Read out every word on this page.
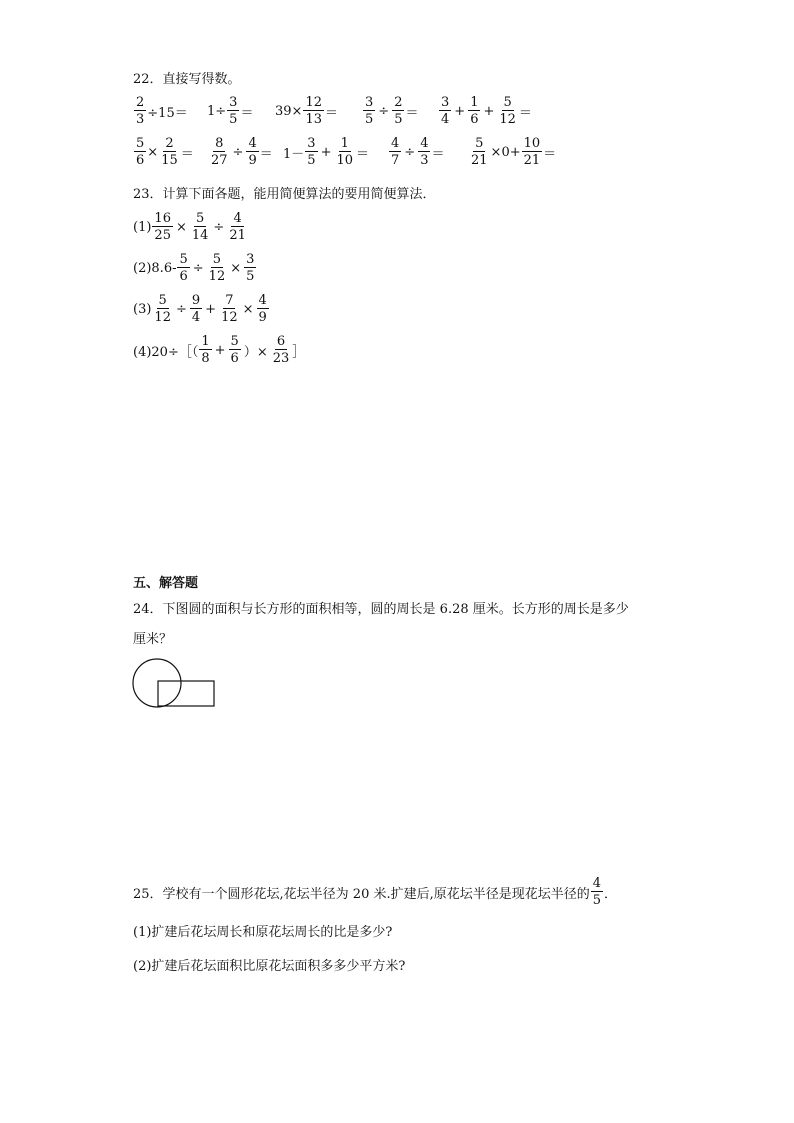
22．直接写得数。
$\frac{2}{3} \div 15= 1\div \frac{3}{5} = 39\times \frac{12}{13} = \frac{3}{5} \div \frac{2}{5} = \frac{3}{4} + \frac{1}{6} + \frac{5}{12}$ ＝
$\frac{5}{6} \times \frac{2}{15} = \frac{8}{27} \div \frac{4}{9} = 1- \frac{3}{5} + \frac{1}{10} = \frac{4}{7} \div \frac{4}{3} = \frac{5}{21} \times 0+ \frac{10}{21}$ ＝
23．计算下面各题，能用简便算法的要用简便算法．
$(1) \frac{16}{25} \times \frac{5}{14} \div \frac{4}{21}$
$(2)8.6- \frac{5}{6} \div \frac{5}{12} \times \frac{3}{5}$
$(3) \frac{5}{12} \div \frac{9}{4} + \frac{7}{12} \times \frac{4}{9}$
(4)20÷［（ $\frac{1}{8} + \frac{5}{6}$ ）× $\frac{6}{23}$ ］
五、解答题
24．下图圆的面积与长方形的面积相等，圆的周长是 6.28 厘米。长方形的周长是多少
厘米？
25．学校有一个圆形花坛,花坛半径为 20 米.扩建后,原花坛半径是现花坛半径的 $\frac{4}{5}$ ．
(1)扩建后花坛周长和原花坛周长的比是多少?
(2)扩建后花坛面积比原花坛面积多多少平方米?
